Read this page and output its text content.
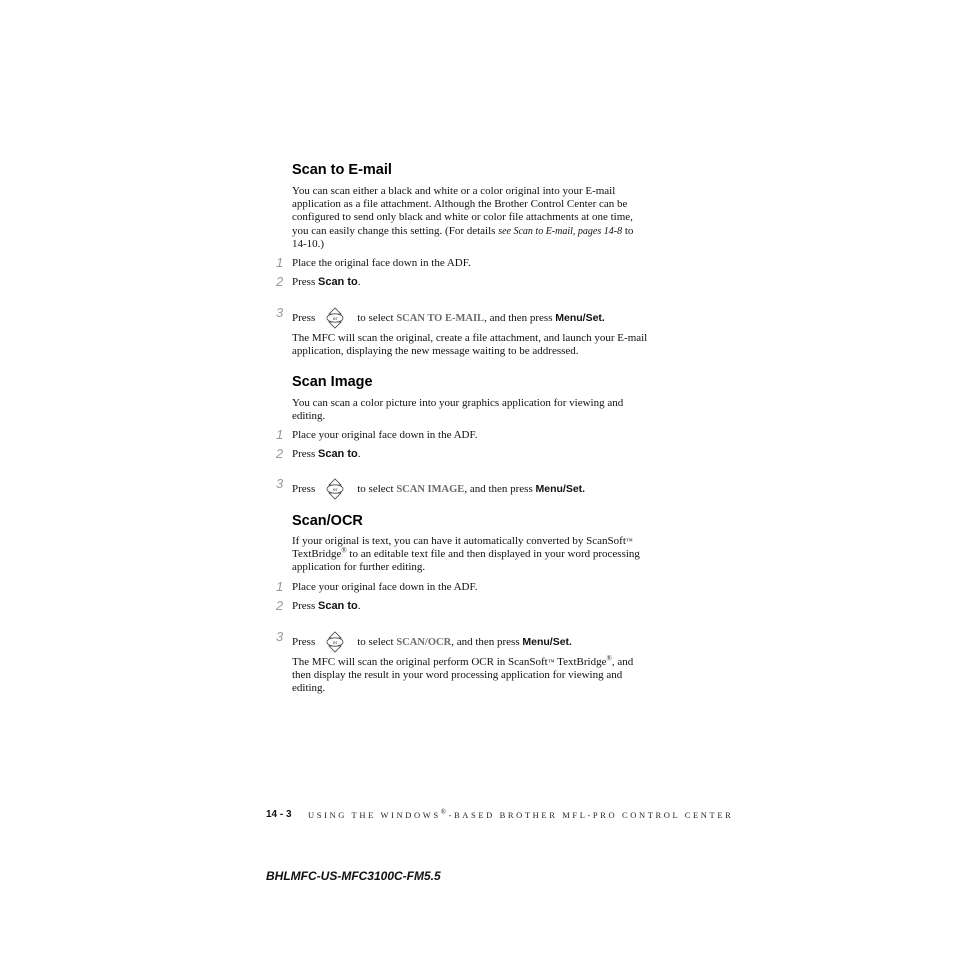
Scan to E-mail
You can scan either a black and white or a color original into your E-mail
application as a file attachment. Although the Brother Control Center can be
configured to send only black and white or color file attachments at one time,
you can easily change this setting. (For details see Scan to E-mail, pages 14-8 to
14-10.)
1 Place the original face down in the ADF.
2 Press Scan to.
3 Press	or to select SCAN TO E-MAIL, and then press Menu/Set.
The MFC will scan the original, create a file attachment, and launch your E-mail
application, displaying the new message waiting to be addressed.
Scan Image
You can scan a color picture into your graphics application for viewing and
editing.
1 Place your original face down in the ADF.
2 Press Scan to.
3 Press	or to select SCAN IMAGE, and then press Menu/Set.
Scan/OCR
If your original is text, you can have it automatically converted by ScanSoft™
TextBridge® to an editable text file and then displayed in your word processing
application for further editing.
1 Place your original face down in the ADF.
2 Press Scan to.
3 Press	or to select SCAN/OCR, and then press Menu/Set.
The MFC will scan the original perform OCR in ScanSoft™ TextBridge®, and
then display the result in your word processing application for viewing and
editing.
14 - 3 USING THE WINDOWS®-BASED BROTHER MFL-PRO CONTROL CENTER
BHLMFC-US-MFC3100C-FM5.5
